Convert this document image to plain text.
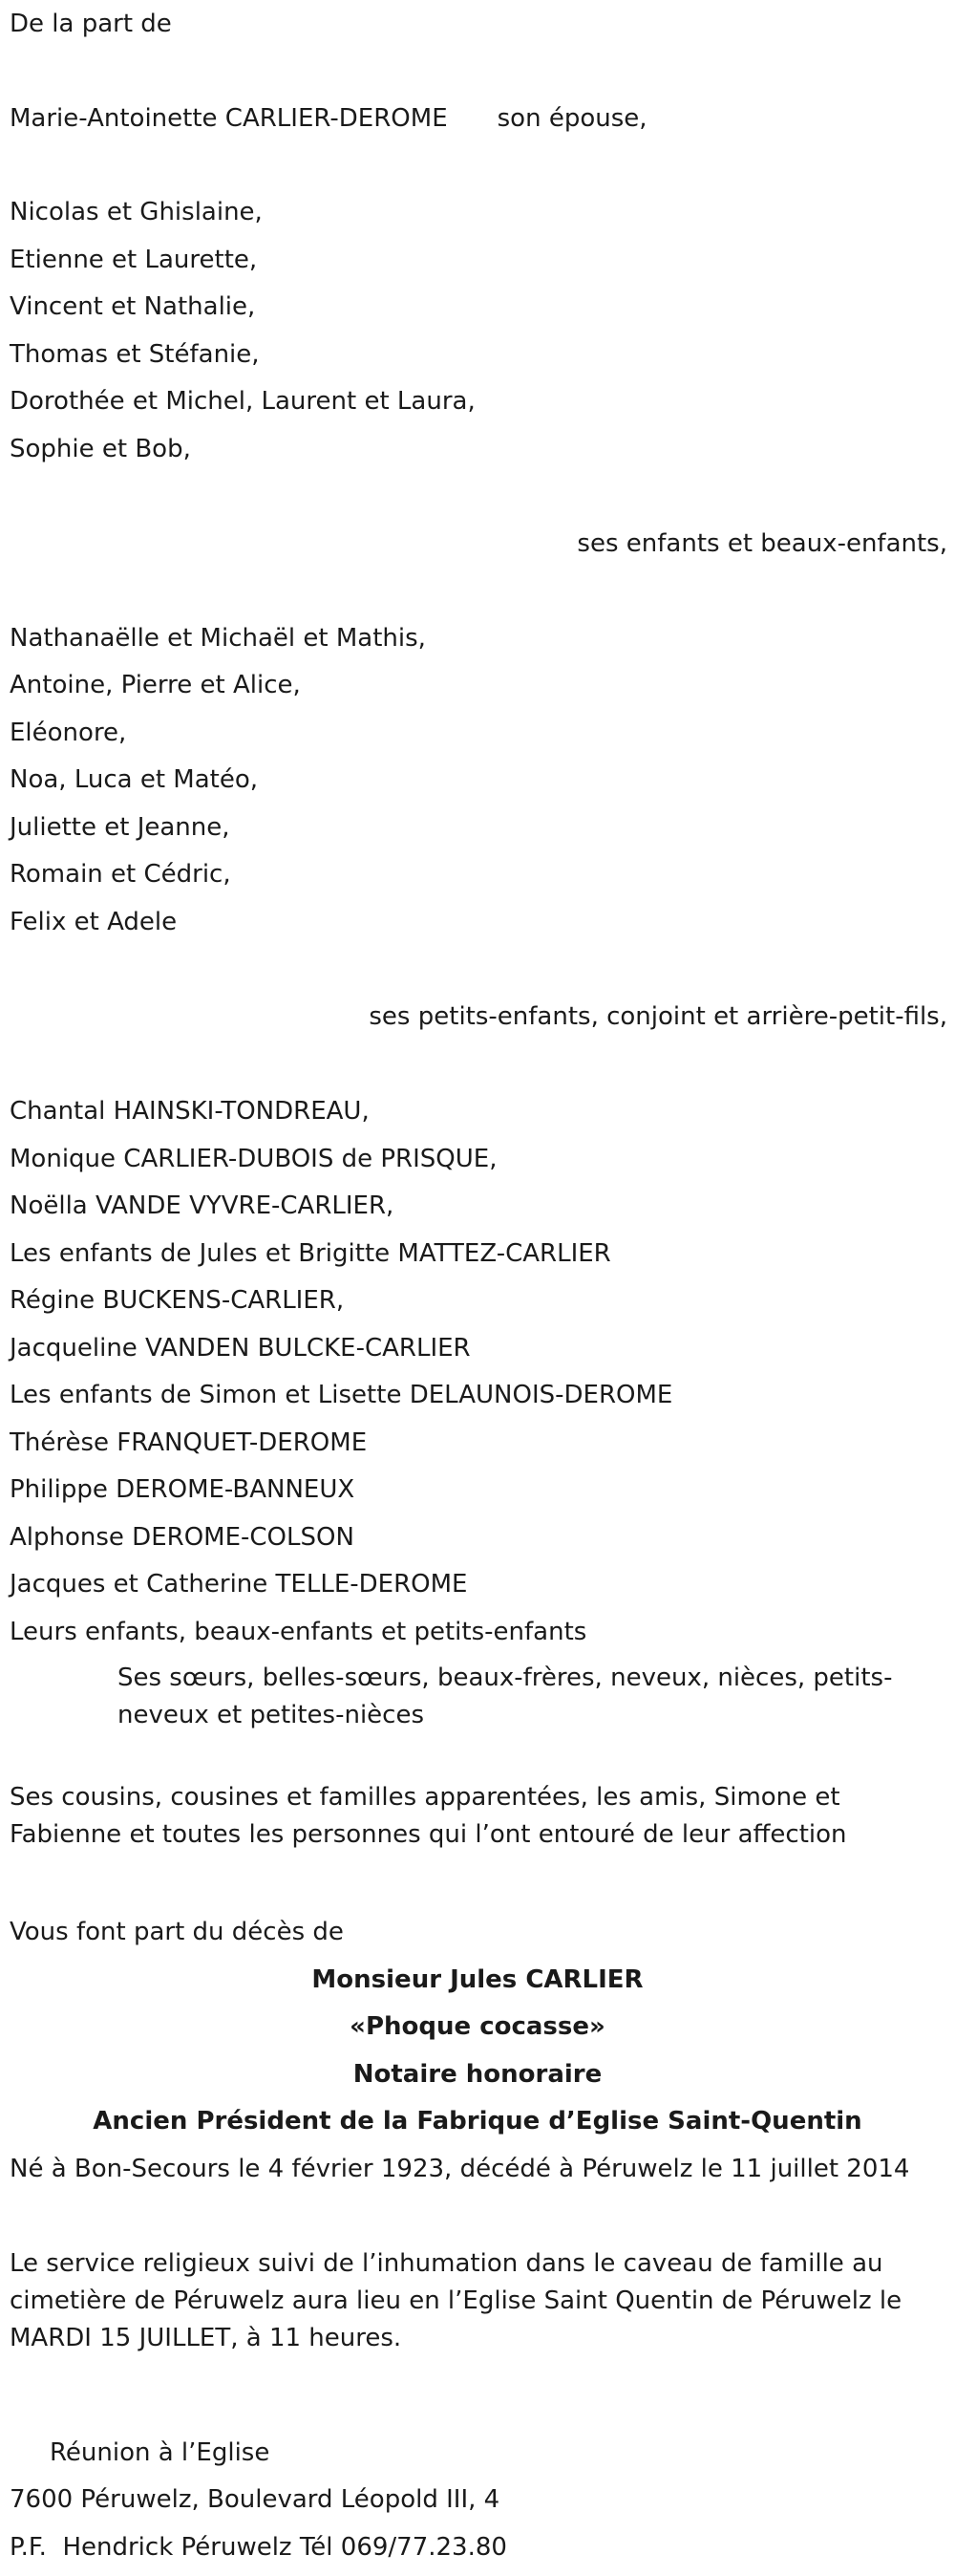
De la part de
Marie-Antoinette CARLIER-DEROME son épouse,
Nicolas et Ghislaine,
Etienne et Laurette,
Vincent et Nathalie,
Thomas et Stéfanie,
Dorothée et Michel, Laurent et Laura,
Sophie et Bob,
ses enfants et beaux-enfants,
Nathanaëlle et Michaël et Mathis,
Antoine, Pierre et Alice,
Eléonore,
Noa, Luca et Matéo,
Juliette et Jeanne,
Romain et Cédric,
Felix et Adele
ses petits-enfants, conjoint et arrière-petit-fils,
Chantal HAINSKI-TONDREAU,
Monique CARLIER-DUBOIS de PRISQUE,
Noëlla VANDE VYVRE-CARLIER,
Les enfants de Jules et Brigitte MATTEZ-CARLIER
Régine BUCKENS-CARLIER,
Jacqueline VANDEN BULCKE-CARLIER
Les enfants de Simon et Lisette DELAUNOIS-DEROME
Thérèse FRANQUET-DEROME
Philippe DEROME-BANNEUX
Alphonse DEROME-COLSON
Jacques et Catherine TELLE-DEROME
Leurs enfants, beaux-enfants et petits-enfants
Ses sœurs, belles-sœurs, beaux-frères, neveux, nièces, petits-neveux et petites-nièces
Ses cousins, cousines et familles apparentées, les amis, Simone et Fabienne et toutes les personnes qui l’ont entouré de leur affection
Vous font part du décès de
Monsieur Jules CARLIER
«Phoque cocasse»
Notaire honoraire
Ancien Président de la Fabrique d’Eglise Saint-Quentin
Né à Bon-Secours le 4 février 1923, décédé à Péruwelz le 11 juillet 2014
Le service religieux suivi de l’inhumation dans le caveau de famille au cimetière de Péruwelz aura lieu en l’Eglise Saint Quentin de Péruwelz le MARDI 15 JUILLET, à 11 heures.
Réunion à l’Eglise
7600 Péruwelz, Boulevard Léopold III, 4
P.F.  Hendrick Péruwelz Tél 069/77.23.80
